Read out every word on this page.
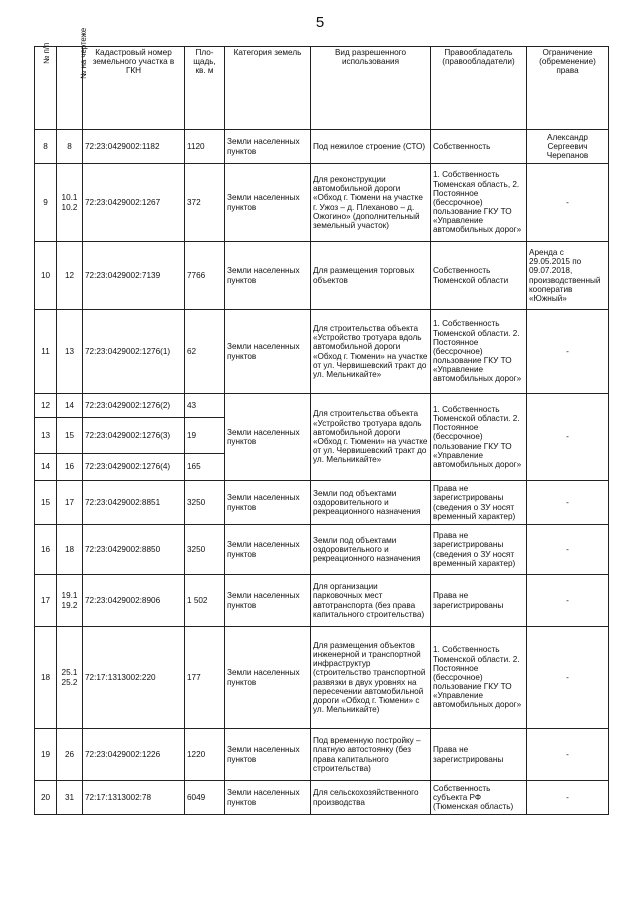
5
№ п/п	№ на чертеже	Кадастровый номер земельного участка в ГКН	Пло-щадь, кв. м	Категория земель	Вид разрешенного использования	Правообладатель (правообладатели)	Ограничение (обременение) права
8	8	72:23:0429002:1182	1120	Земли населенных пунктов	Под нежилое строение (СТО)	Собственность	Александр Сергеевич Черепанов
9	10.1 10.2	72:23:0429002:1267	372	Земли населенных пунктов	Для реконструкции автомобильной дороги «Обход г. Тюмени на участке г. Ужоз – д. Плеханово – д. Ожогино» (дополнительный земельный участок)	1. Собственность Тюменская область, 2. Постоянное (бессрочное) пользование ГКУ ТО «Управление автомобильных дорог»	-
10	12	72:23:0429002:7139	7766	Земли населенных пунктов	Для размещения торговых объектов	Собственность Тюменской области	Аренда с 29.05.2015 по 09.07.2018, производственный кооператив «Южный»
11	13	72:23:0429002:1276(1)	62	Земли населенных пунктов	Для строительства объекта «Устройство тротуара вдоль автомобильной дороги «Обход г. Тюмени» на участке от ул. Червишевский тракт до ул. Мельникайте»	1. Собственность Тюменской области. 2. Постоянное (бессрочное) пользование ГКУ ТО «Управление автомобильных дорог»	-
12	14	72:23:0429002:1276(2)	43	Земли населенных пунктов	Для строительства объекта «Устройство тротуара вдоль автомобильной дороги «Обход г. Тюмени» на участке от ул. Червишевский тракт до ул. Мельникайте»	1. Собственность Тюменской области. 2. Постоянное (бессрочное) пользование ГКУ ТО «Управление автомобильных дорог»	-
13	15	72:23:0429002:1276(3)	19				
14	16	72:23:0429002:1276(4)	165				
15	17	72:23:0429002:8851	3250	Земли населенных пунктов	Земли под объектами оздоровительного и рекреационного назначения	Права не зарегистрированы (сведения о ЗУ носят временный характер)	-
16	18	72:23:0429002:8850	3250	Земли населенных пунктов	Земли под объектами оздоровительного и рекреационного назначения	Права не зарегистрированы (сведения о ЗУ носят временный характер)	-
17	19.1 19.2	72:23:0429002:8906	1 502	Земли населенных пунктов	Для организации парковочных мест автотранспорта (без права капитального строительства)	Права не зарегистрированы	-
18	25.1 25.2	72:17:1313002:220	177	Земли населенных пунктов	Для размещения объектов инженерной и транспортной инфраструктур (строительство транспортной развязки в двух уровнях на пересечении автомобильной дороги «Обход г. Тюмени» с ул. Мельникайте)	1. Собственность Тюменской области. 2. Постоянное (бессрочное) пользование ГКУ ТО «Управление автомобильных дорог»	-
19	26	72:23:0429002:1226	1220	Земли населенных пунктов	Под временную постройку – платную автостоянку (без права капитального строительства)	Права не зарегистрированы	-
20	31	72:17:1313002:78	6049	Земли населенных пунктов	Для сельскохозяйственного производства	Собственность субъекта РФ (Тюменская область)	-
